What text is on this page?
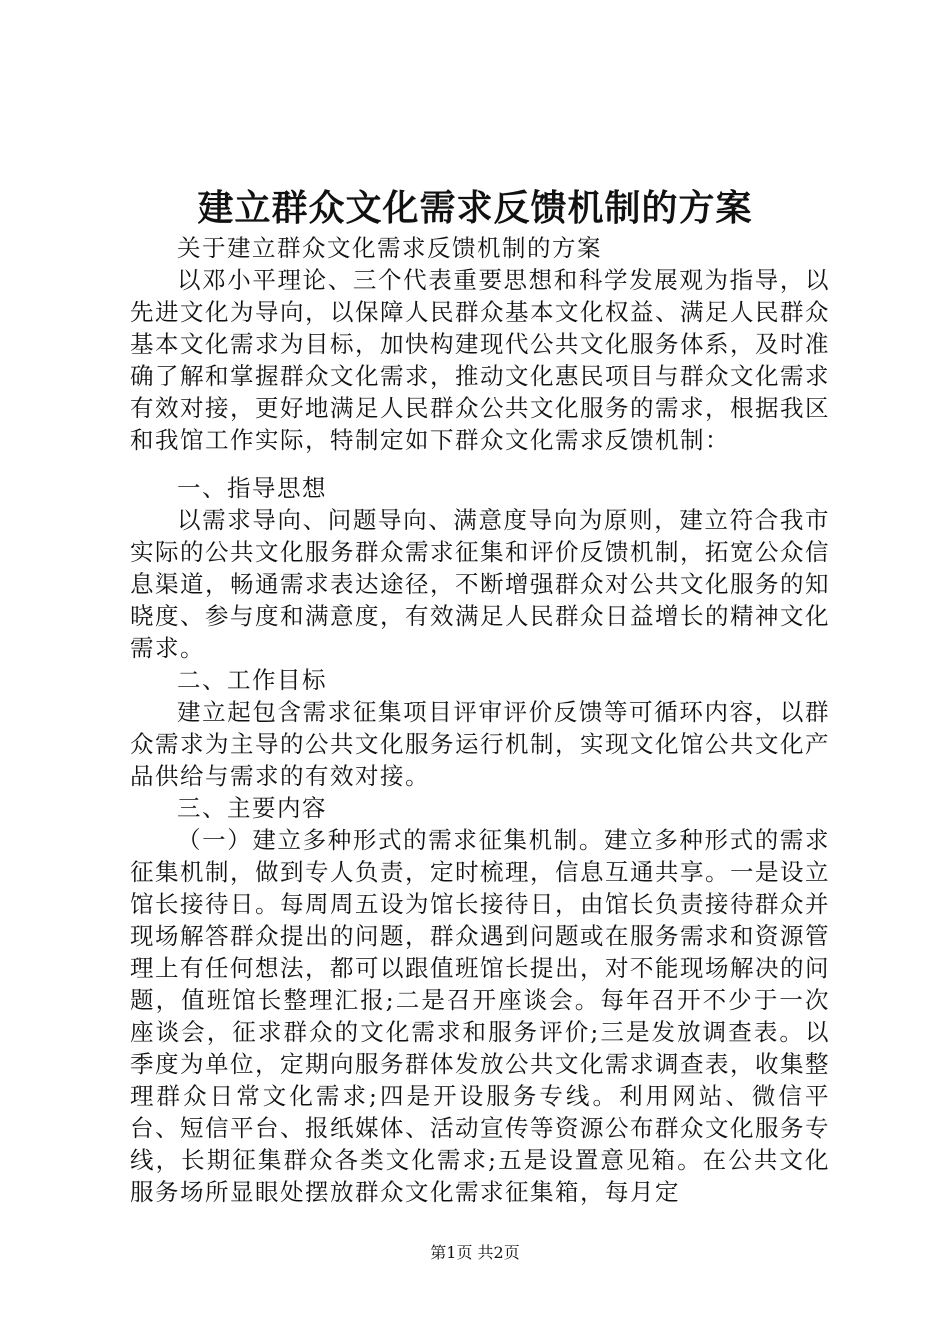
建立群众文化需求反馈机制的方案

关于建立群众文化需求反馈机制的方案

以邓小平理论、三个代表重要思想和科学发展观为指导，以先进文化为导向，以保障人民群众基本文化权益、满足人民群众基本文化需求为目标，加快构建现代公共文化服务体系，及时准确了解和掌握群众文化需求，推动文化惠民项目与群众文化需求有效对接，更好地满足人民群众公共文化服务的需求，根据我区和我馆工作实际，特制定如下群众文化需求反馈机制：

一、指导思想

以需求导向、问题导向、满意度导向为原则，建立符合我市实际的公共文化服务群众需求征集和评价反馈机制，拓宽公众信息渠道，畅通需求表达途径，不断增强群众对公共文化服务的知晓度、参与度和满意度，有效满足人民群众日益增长的精神文化需求。

二、工作目标

建立起包含需求征集项目评审评价反馈等可循环内容，以群众需求为主导的公共文化服务运行机制，实现文化馆公共文化产品供给与需求的有效对接。

三、主要内容

（一）建立多种形式的需求征集机制。建立多种形式的需求征集机制，做到专人负责，定时梳理，信息互通共享。一是设立馆长接待日。每周周五设为馆长接待日，由馆长负责接待群众并现场解答群众提出的问题，群众遇到问题或在服务需求和资源管理上有任何想法，都可以跟值班馆长提出，对不能现场解决的问题，值班馆长整理汇报;二是召开座谈会。每年召开不少于一次座谈会，征求群众的文化需求和服务评价;三是发放调查表。以季度为单位，定期向服务群体发放公共文化需求调查表，收集整理群众日常文化需求;四是开设服务专线。利用网站、微信平台、短信平台、报纸媒体、活动宣传等资源公布群众文化服务专线，长期征集群众各类文化需求;五是设置意见箱。在公共文化服务场所显眼处摆放群众文化需求征集箱，每月定

第1页 共2页
